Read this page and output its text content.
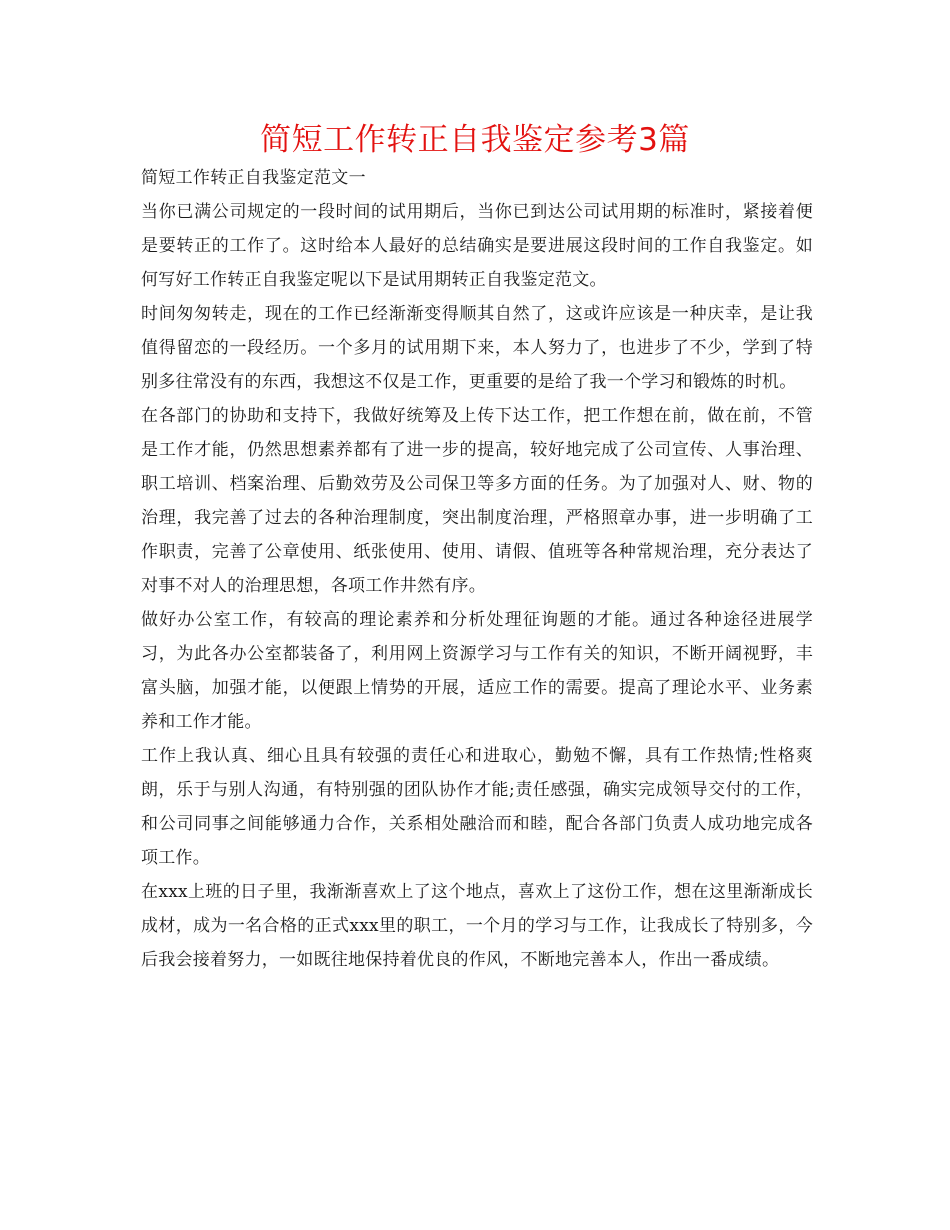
简短工作转正自我鉴定参考3篇

简短工作转正自我鉴定范文一

当你已满公司规定的一段时间的试用期后，当你已到达公司试用期的标准时，紧接着便是要转正的工作了。这时给本人最好的总结确实是要进展这段时间的工作自我鉴定。如何写好工作转正自我鉴定呢以下是试用期转正自我鉴定范文。

时间匆匆转走，现在的工作已经渐渐变得顺其自然了，这或许应该是一种庆幸，是让我值得留恋的一段经历。一个多月的试用期下来，本人努力了，也进步了不少，学到了特别多往常没有的东西，我想这不仅是工作，更重要的是给了我一个学习和锻炼的时机。

在各部门的协助和支持下，我做好统筹及上传下达工作，把工作想在前，做在前，不管是工作才能，仍然思想素养都有了进一步的提高，较好地完成了公司宣传、人事治理、职工培训、档案治理、后勤效劳及公司保卫等多方面的任务。为了加强对人、财、物的治理，我完善了过去的各种治理制度，突出制度治理，严格照章办事，进一步明确了工作职责，完善了公章使用、纸张使用、使用、请假、值班等各种常规治理，充分表达了对事不对人的治理思想，各项工作井然有序。

做好办公室工作，有较高的理论素养和分析处理征询题的才能。通过各种途径进展学习，为此各办公室都装备了，利用网上资源学习与工作有关的知识，不断开阔视野，丰富头脑，加强才能，以便跟上情势的开展，适应工作的需要。提高了理论水平、业务素养和工作才能。

工作上我认真、细心且具有较强的责任心和进取心，勤勉不懈，具有工作热情;性格爽朗，乐于与别人沟通，有特别强的团队协作才能;责任感强，确实完成领导交付的工作，和公司同事之间能够通力合作，关系相处融洽而和睦，配合各部门负责人成功地完成各项工作。

在xxx上班的日子里，我渐渐喜欢上了这个地点，喜欢上了这份工作，想在这里渐渐成长成材，成为一名合格的正式xxx里的职工，一个月的学习与工作，让我成长了特别多，今后我会接着努力，一如既往地保持着优良的作风，不断地完善本人，作出一番成绩。
